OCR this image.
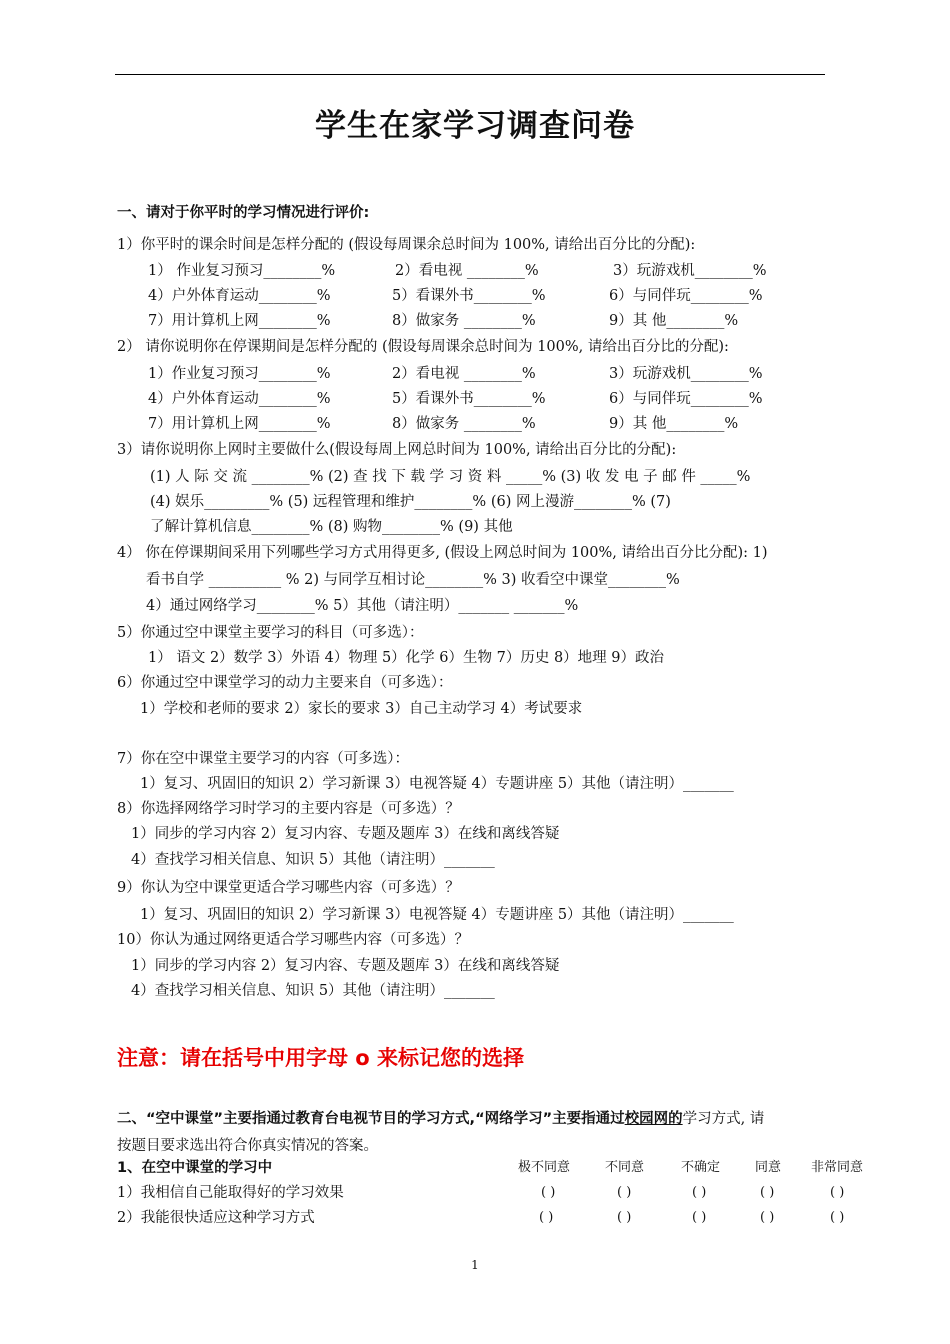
学生在家学习调查问卷
一、请对于你平时的学习情况进行评价:
1）你平时的课余时间是怎样分配的 (假设每周课余总时间为 100%, 请给出百分比的分配):
1） 作业复习预习________%	2）看电视 ________%	3）玩游戏机________%
4）户外体育运动________%	5）看课外书________%	6）与同伴玩________%
7）用计算机上网________%	8）做家务 ________%	9）其 他________%
2） 请你说明你在停课期间是怎样分配的 (假设每周课余总时间为 100%, 请给出百分比的分配):
1）作业复习预习________%	2）看电视 ________%	3）玩游戏机________%
4）户外体育运动________%	5）看课外书________%	6）与同伴玩________%
7）用计算机上网________%	8）做家务 ________%	9）其 他________%
3）请你说明你上网时主要做什么(假设每周上网总时间为 100%, 请给出百分比的分配):
(1) 人 际 交 流 ________% (2) 查 找 下 载 学 习 资 料 _____% (3) 收 发 电 子 邮 件 _____%
(4) 娱乐_________% (5) 远程管理和维护________% (6) 网上漫游________% (7)
了解计算机信息________% (8) 购物________% (9) 其他
4） 你在停课期间采用下列哪些学习方式用得更多, (假设上网总时间为 100%, 请给出百分比分配): 1)
看书自学 __________ % 2) 与同学互相讨论________% 3) 收看空中课堂________%
4）通过网络学习________% 5）其他（请注明）_______ _______%
5）你通过空中课堂主要学习的科目（可多选）：
1） 语文 2）数学 3）外语 4）物理 5）化学 6）生物 7）历史 8）地理 9）政治
6）你通过空中课堂学习的动力主要来自（可多选）：
1）学校和老师的要求 2）家长的要求 3）自己主动学习 4）考试要求
7）你在空中课堂主要学习的内容（可多选）：
1）复习、巩固旧的知识 2）学习新课 3）电视答疑 4）专题讲座 5）其他（请注明）_______
8）你选择网络学习时学习的主要内容是（可多选）？
1）同步的学习内容 2）复习内容、专题及题库 3）在线和离线答疑
4）查找学习相关信息、知识 5）其他（请注明）_______
9）你认为空中课堂更适合学习哪些内容（可多选）？
1）复习、巩固旧的知识 2）学习新课 3）电视答疑 4）专题讲座 5）其他（请注明）_______
10）你认为通过网络更适合学习哪些内容（可多选）？
1）同步的学习内容 2）复习内容、专题及题库 3）在线和离线答疑
4）查找学习相关信息、知识 5）其他（请注明）_______
注意：请在括号中用字母 o 来标记您的选择
二、“空中课堂”主要指通过教育台电视节目的学习方式,“网络学习”主要指通过校园网的学习方式, 请
按题目要求选出符合你真实情况的答案。
1、在空中课堂的学习中	极不同意	不同意	不确定	同意 非常同意
1）我相信自己能取得好的学习效果	( )	( )	( )	( )	( )
2）我能很快适应这种学习方式	( )	( )	( )	( )	( )
1
